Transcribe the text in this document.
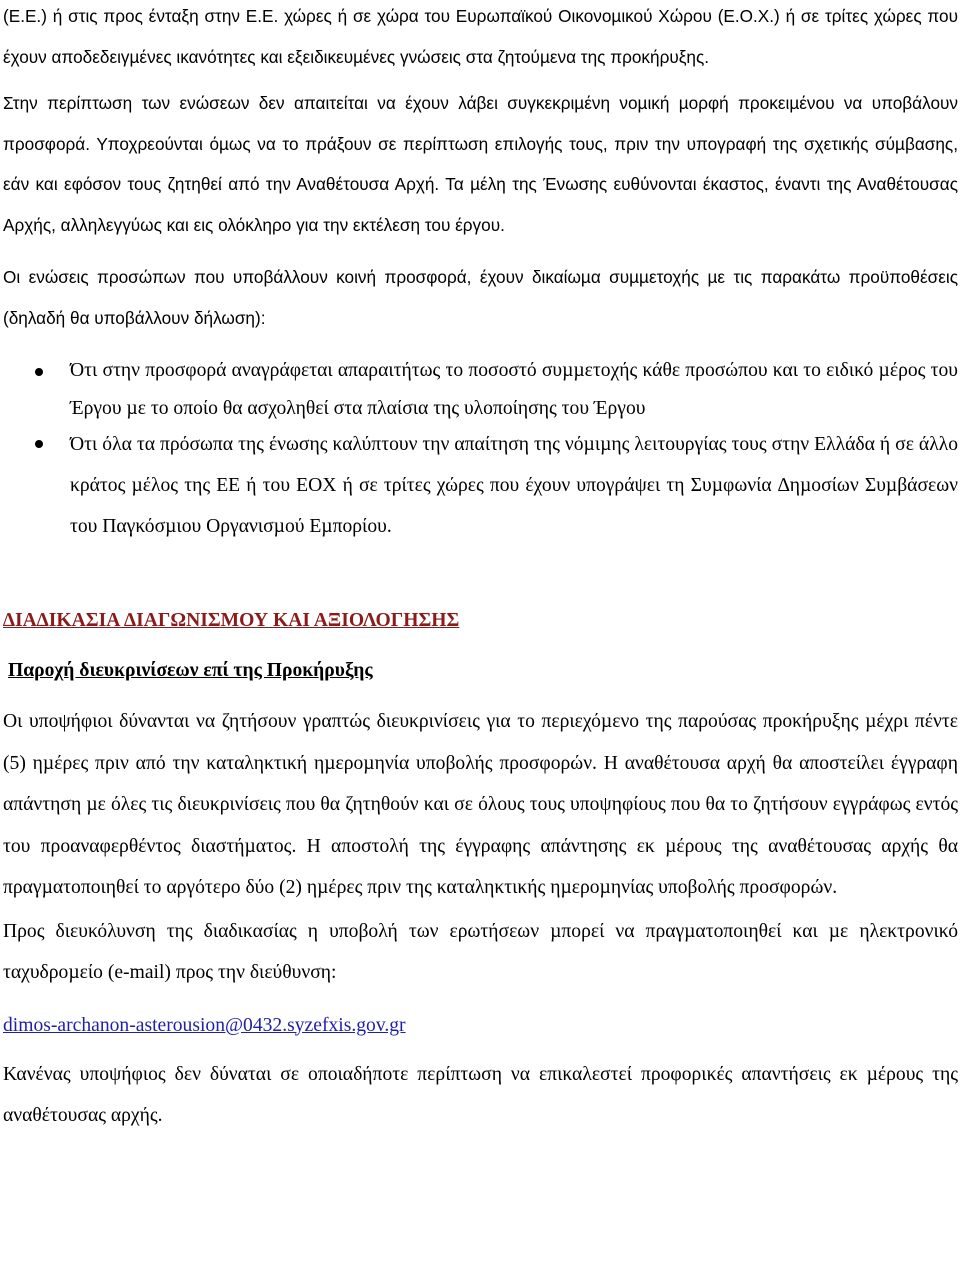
(Ε.Ε.) ή στις προς ένταξη στην Ε.Ε. χώρες ή σε χώρα του Ευρωπαϊκού Οικονοµικού Χώρου (Ε.Ο.Χ.) ή σε τρίτες χώρες που έχουν αποδεδειγµένες ικανότητες και εξειδικευµένες γνώσεις στα ζητούµενα της προκήρυξης.

Στην περίπτωση των ενώσεων δεν απαιτείται να έχουν λάβει συγκεκριµένη νοµική µορφή προκειµένου να υποβάλουν προσφορά. Υποχρεούνται όµως να το πράξουν σε περίπτωση επιλογής τους, πριν την υπογραφή της σχετικής σύµβασης, εάν και εφόσον τους ζητηθεί από την Αναθέτουσα Αρχή. Τα µέλη της Ένωσης ευθύνονται έκαστος, έναντι της Αναθέτουσας Αρχής, αλληλεγγύως και εις ολόκληρο για την εκτέλεση του έργου.

Οι ενώσεις προσώπων που υποβάλλουν κοινή προσφορά, έχουν δικαίωµα συµµετοχής µε τις παρακάτω προϋποθέσεις (δηλαδή θα υποβάλλουν δήλωση):

Ότι στην προσφορά αναγράφεται απαραιτήτως το ποσοστό συµµετοχής κάθε προσώπου και το ειδικό µέρος του Έργου µε το οποίο θα ασχοληθεί στα πλαίσια της υλοποίησης του Έργου
Ότι όλα τα πρόσωπα της ένωσης καλύπτουν την απαίτηση της νόµιµης λειτουργίας τους στην Ελλάδα ή σε άλλο κράτος µέλος της ΕΕ ή του ΕΟΧ ή σε τρίτες χώρες που έχουν υπογράψει τη Συµφωνία ∆ηµοσίων Συµβάσεων του Παγκόσµιου Οργανισµού Εµπορίου.
∆ΙΑ∆ΙΚΑΣΙΑ ∆ΙΑΓΩΝΙΣΜΟΥ ΚΑΙ ΑΞΙΟΛΟΓΗΣΗΣ
Παροχή διευκρινίσεων επί της Προκήρυξης

Οι υποψήφιοι δύνανται να ζητήσουν γραπτώς διευκρινίσεις για το περιεχόµενο της παρούσας προκήρυξης µέχρι πέντε (5) ηµέρες πριν από την καταληκτική ηµεροµηνία υποβολής προσφορών. Η αναθέτουσα αρχή θα αποστείλει έγγραφη απάντηση µε όλες τις διευκρινίσεις που θα ζητηθούν και σε όλους τους υποψηφίους που θα το ζητήσουν εγγράφως εντός του προαναφερθέντος διαστήµατος. Η αποστολή της έγγραφης απάντησης εκ µέρους της αναθέτουσας αρχής θα πραγµατοποιηθεί το αργότερο δύο (2) ηµέρες πριν της καταληκτικής ηµεροµηνίας υποβολής προσφορών.

Προς διευκόλυνση της διαδικασίας η υποβολή των ερωτήσεων µπορεί να πραγµατοποιηθεί και µε ηλεκτρονικό ταχυδροµείο (e-mail) προς την διεύθυνση:

dimos-archanon-asterousion@0432.syzefxis.gov.gr

Κανένας υποψήφιος δεν δύναται σε οποιαδήποτε περίπτωση να επικαλεστεί προφορικές απαντήσεις εκ µέρους της αναθέτουσας αρχής.
